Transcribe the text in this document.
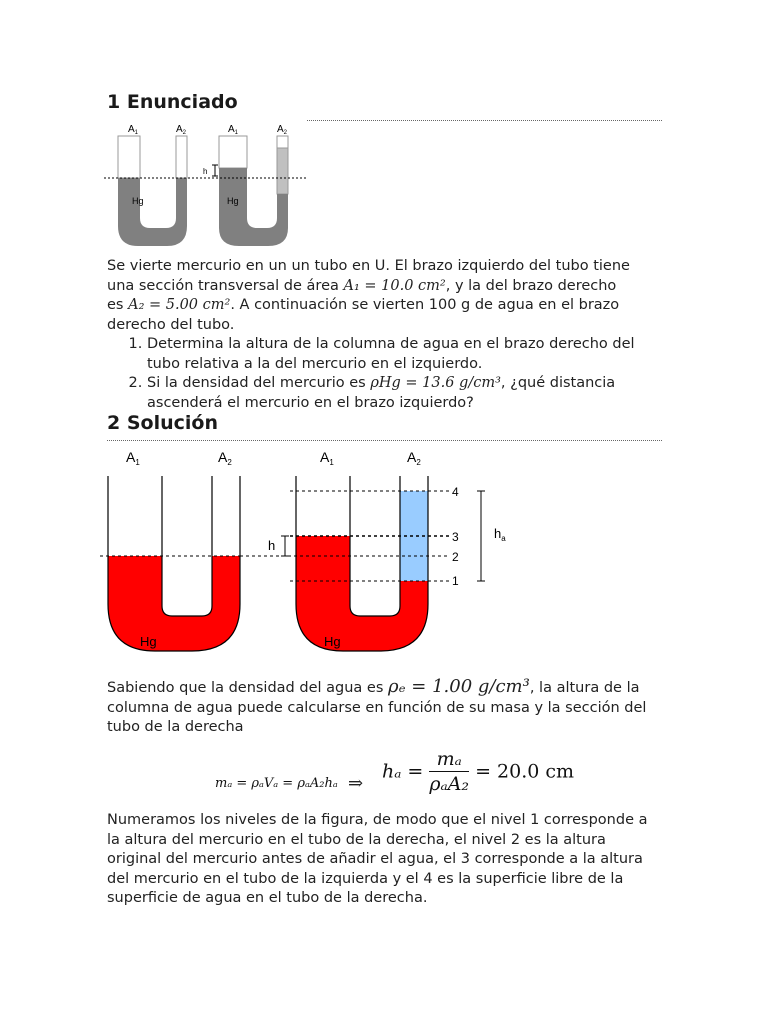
1 Enunciado
h
Hg	Hg
$A_1$	$A_2$	$A_1$	$A_2$
Se vierte mercurio en un un tubo en U. El brazo izquierdo del tubo tiene
una sección transversal de área A₁ = 10.0 cm², y la del brazo derecho
es A₂ = 5.00 cm². A continuación se vierten 100 g de agua en el brazo
derecho del tubo.
1. Determina la altura de la columna de agua en el brazo derecho del tubo relativa a la del mercurio en el izquierdo.
2. Si la densidad del mercurio es ρHg = 13.6 g/cm³, ¿qué distancia ascenderá el mercurio en el brazo izquierdo?
2 Solución
h
$h_a$
4
3
2
1
Hg	Hg
$A_1$	$A_2$	$A_1$	$A_2$
Sabiendo que la densidad del agua es ρₑ = 1.00 g/cm³, la altura de la
columna de agua puede calcularse en función de su masa y la sección del
tubo de la derecha
mₐ = ρₐVₐ = ρₐA₂hₐ ⇒
$h_a = \frac{\text{mₐ}}{\text{ρₐA₂}} = 20.0$ cm
Numeramos los niveles de la figura, de modo que el nivel 1 corresponde a
la altura del mercurio en el tubo de la derecha, el nivel 2 es la altura
original del mercurio antes de añadir el agua, el 3 corresponde a la altura
del mercurio en el tubo de la izquierda y el 4 es la superficie libre de la
superficie de agua en el tubo de la derecha.
